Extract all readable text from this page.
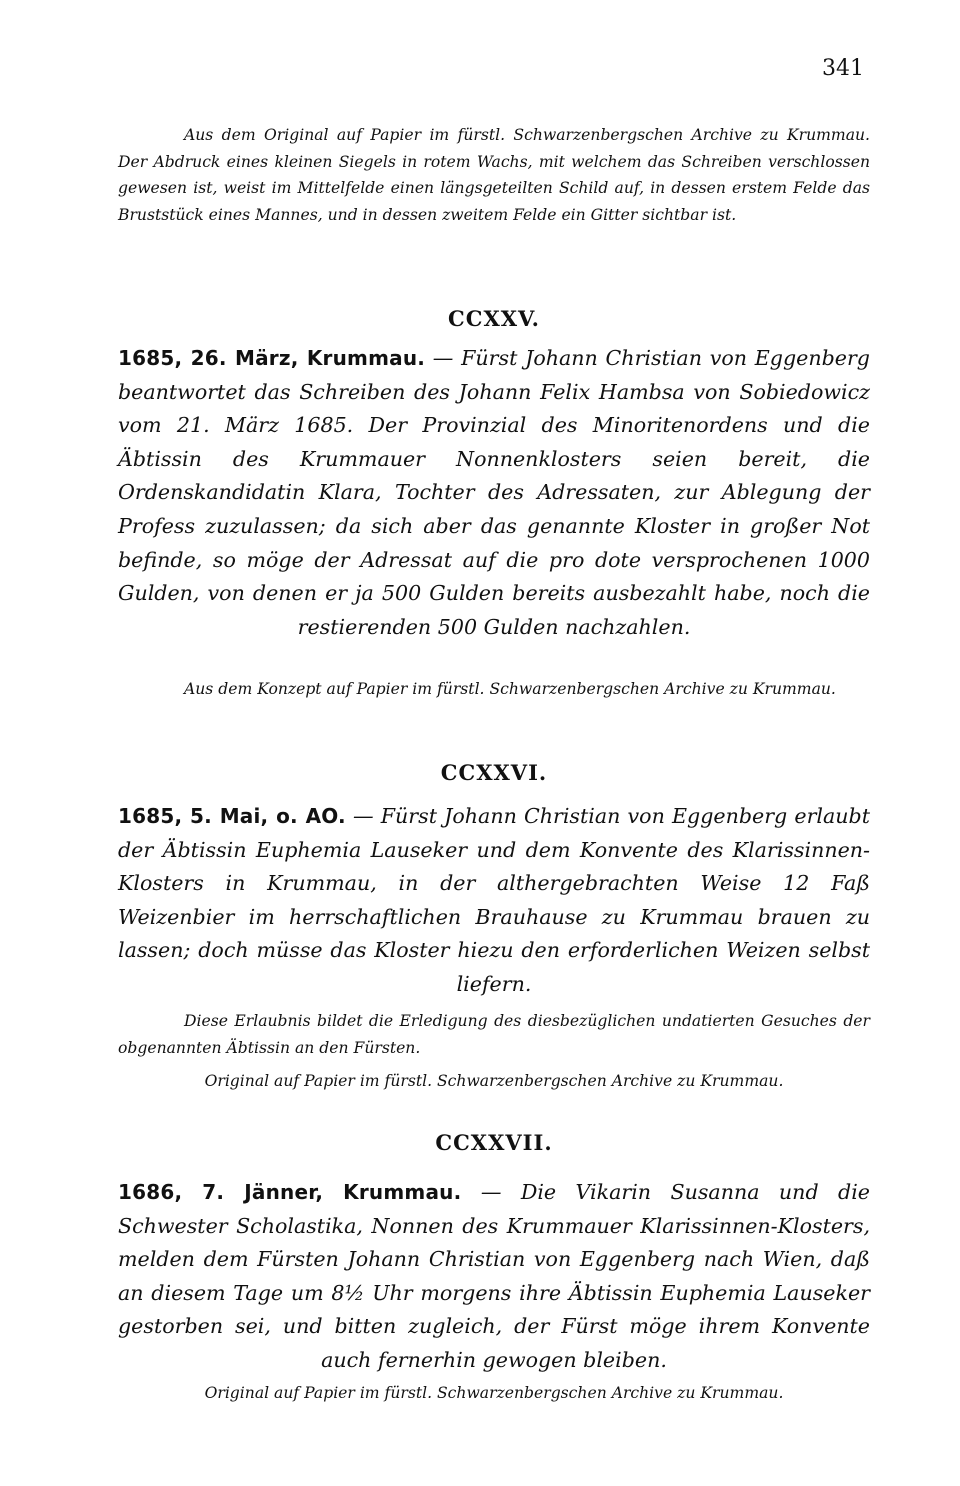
341

Aus dem Original auf Papier im fürstl. Schwarzenbergschen Archive zu Krummau. Der Abdruck eines kleinen Siegels in rotem Wachs, mit welchem das Schreiben verschlossen gewesen ist, weist im Mittelfelde einen längsgeteilten Schild auf, in dessen erstem Felde das Bruststück eines Mannes, und in dessen zweitem Felde ein Gitter sichtbar ist.

CCXXV.

1685, 26. März, Krummau. — Fürst Johann Christian von Eggenberg beantwortet das Schreiben des Johann Felix Hambsa von Sobiedowicz vom 21. März 1685. Der Provinzial des Minoritenordens und die Äbtissin des Krummauer Nonnenklosters seien bereit, die Ordenskandidatin Klara, Tochter des Adressaten, zur Ablegung der Profess zuzulassen; da sich aber das genannte Kloster in großer Not befinde, so möge der Adressat auf die pro dote versprochenen 1000 Gulden, von denen er ja 500 Gulden bereits ausbezahlt habe, noch die restierenden 500 Gulden nachzahlen.

Aus dem Konzept auf Papier im fürstl. Schwarzenbergschen Archive zu Krummau.

CCXXVI.

1685, 5. Mai, o. AO. — Fürst Johann Christian von Eggenberg erlaubt der Äbtissin Euphemia Lauseker und dem Konvente des Klarissinnen-Klosters in Krummau, in der althergebrachten Weise 12 Faß Weizenbier im herrschaftlichen Brauhause zu Krummau brauen zu lassen; doch müsse das Kloster hiezu den erforderlichen Weizen selbst liefern.

Diese Erlaubnis bildet die Erledigung des diesbezüglichen undatierten Gesuches der obgenannten Äbtissin an den Fürsten.

Original auf Papier im fürstl. Schwarzenbergschen Archive zu Krummau.

CCXXVII.

1686, 7. Jänner, Krummau. — Die Vikarin Susanna und die Schwester Scholastika, Nonnen des Krummauer Klarissinnen-Klosters, melden dem Fürsten Johann Christian von Eggenberg nach Wien, daß an diesem Tage um 8½ Uhr morgens ihre Äbtissin Euphemia Lauseker gestorben sei, und bitten zugleich, der Fürst möge ihrem Konvente auch fernerhin gewogen bleiben.

Original auf Papier im fürstl. Schwarzenbergschen Archive zu Krummau.
